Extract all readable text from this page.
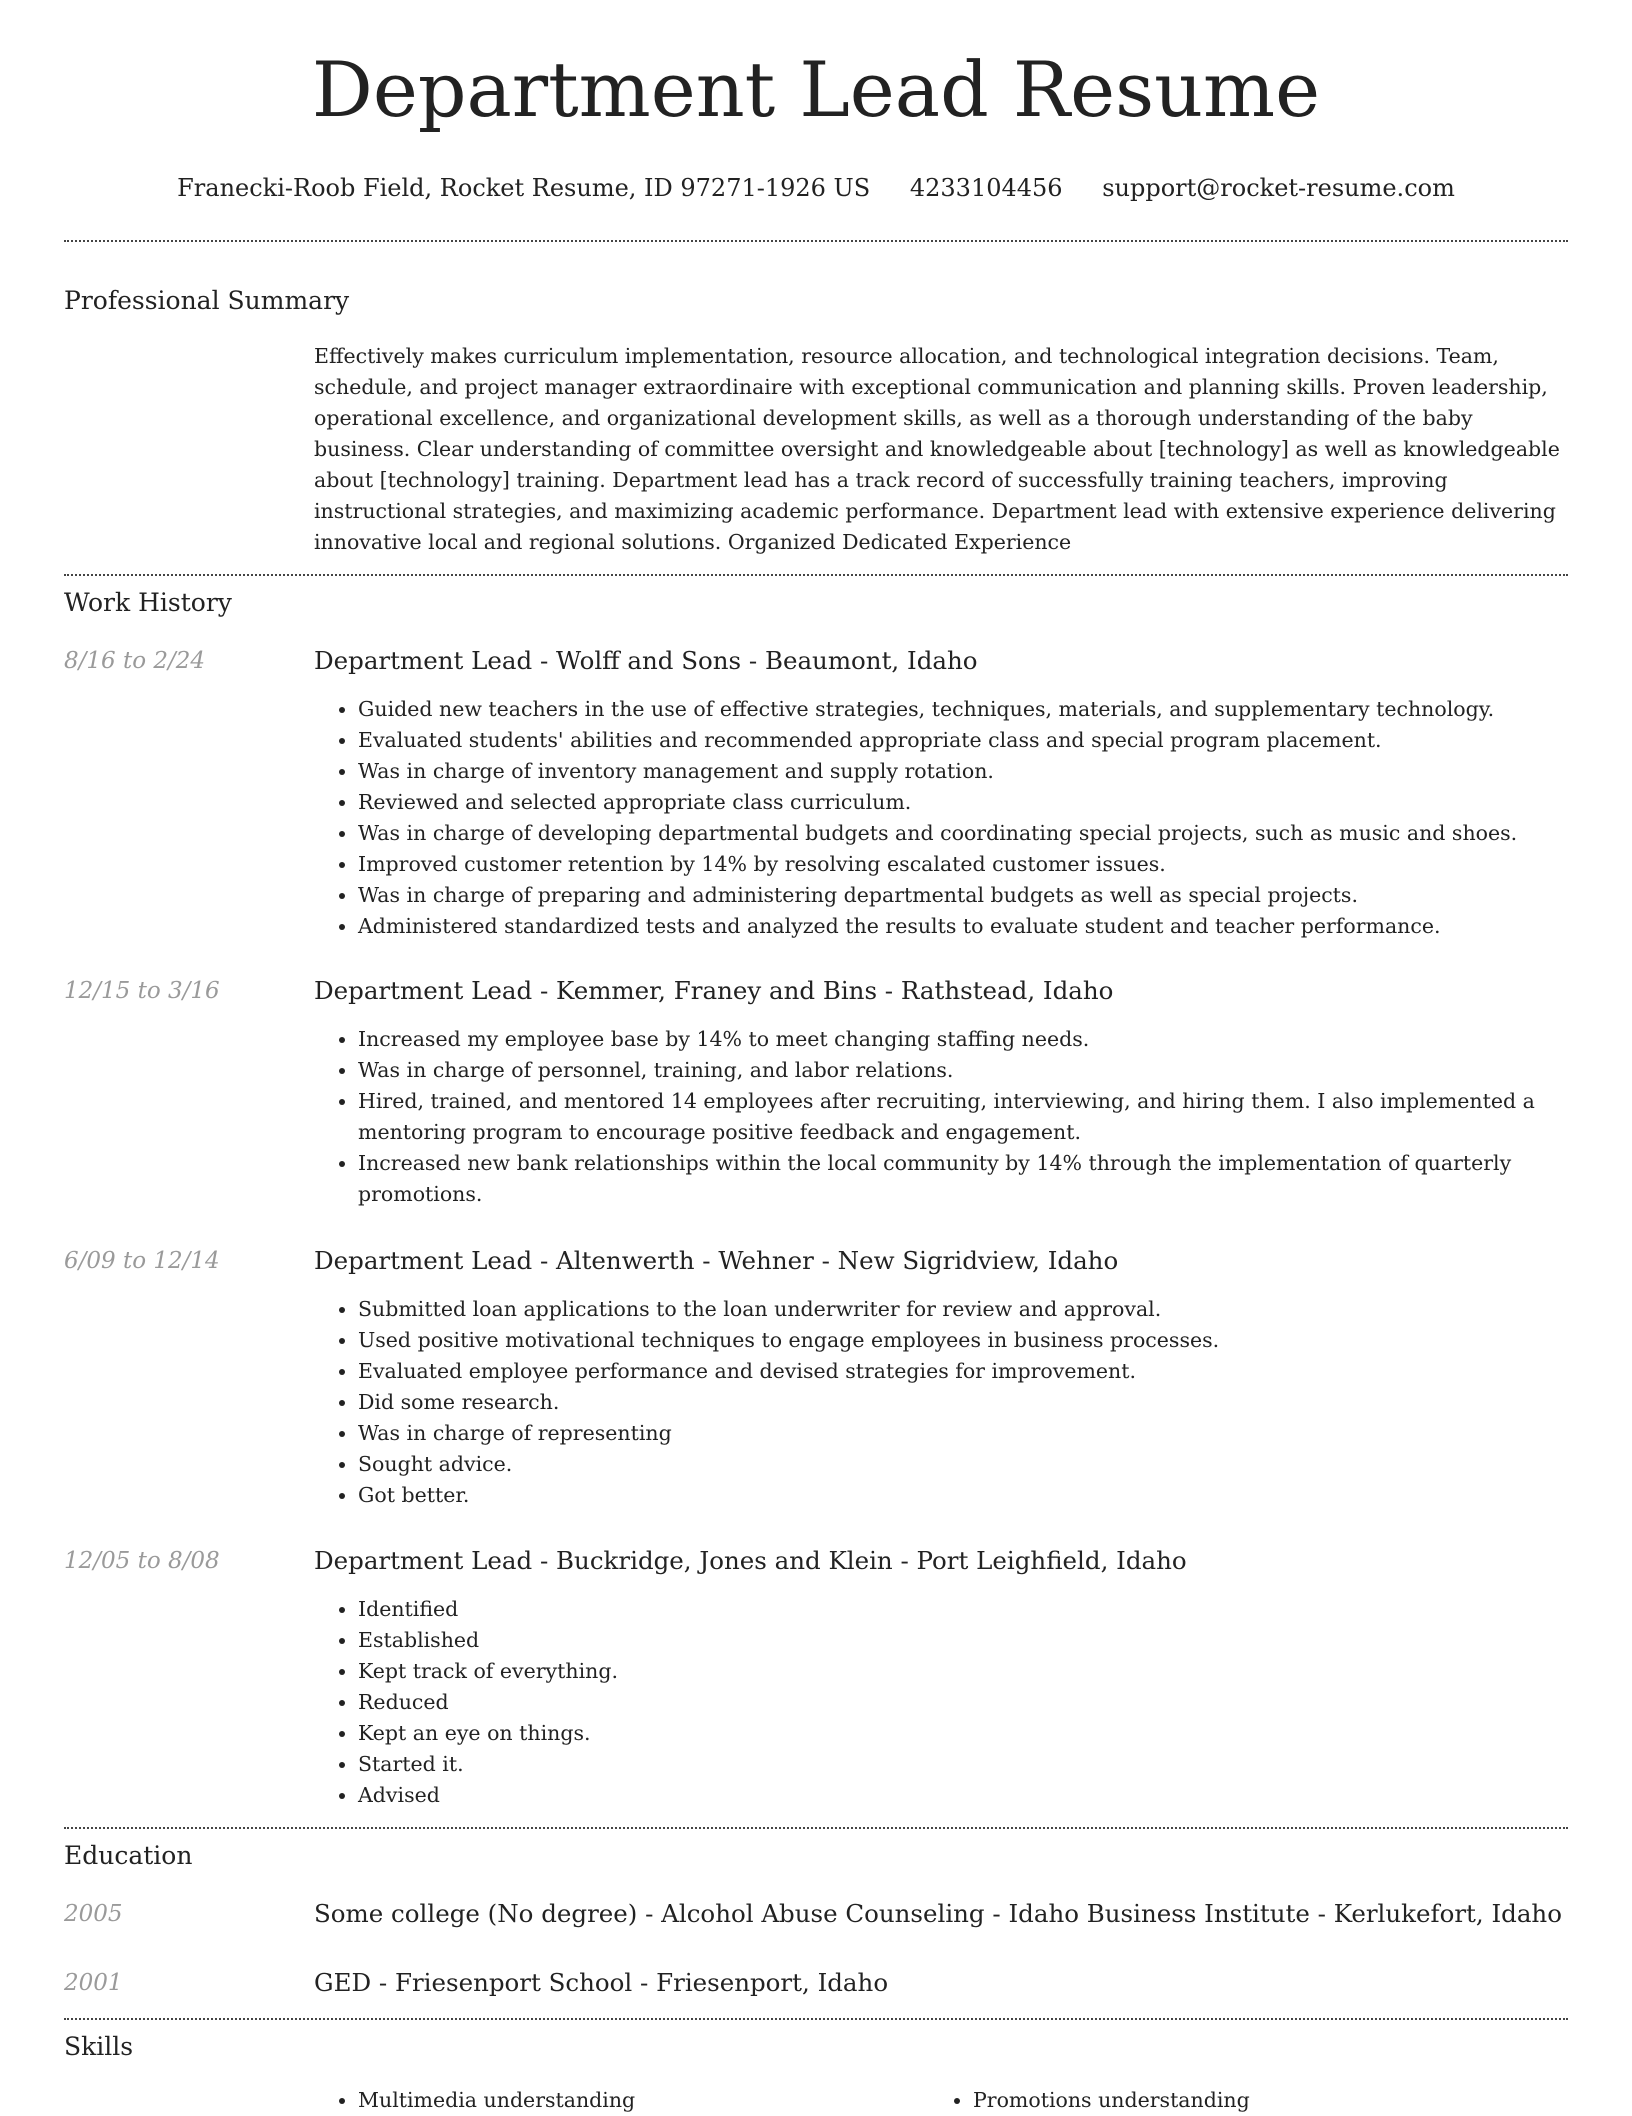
Department Lead Resume
Franecki-Roob Field, Rocket Resume, ID 97271-1926 US 4233104456 support@rocket-resume.com
Professional Summary

Effectively makes curriculum implementation, resource allocation, and technological integration decisions. Team, schedule, and project manager extraordinaire with exceptional communication and planning skills. Proven leadership, operational excellence, and organizational development skills, as well as a thorough understanding of the baby business. Clear understanding of committee oversight and knowledgeable about [technology] as well as knowledgeable about [technology] training. Department lead has a track record of successfully training teachers, improving instructional strategies, and maximizing academic performance. Department lead with extensive experience delivering innovative local and regional solutions. Organized Dedicated Experience

Work History
8/16 to 2/24	Department Lead - Wolff and Sons - Beaumont, Idaho
• Guided new teachers in the use of effective strategies, techniques, materials, and supplementary technology.
• Evaluated students' abilities and recommended appropriate class and special program placement.
• Was in charge of inventory management and supply rotation.
• Reviewed and selected appropriate class curriculum.
• Was in charge of developing departmental budgets and coordinating special projects, such as music and shoes.
• Improved customer retention by 14% by resolving escalated customer issues.
• Was in charge of preparing and administering departmental budgets as well as special projects.
• Administered standardized tests and analyzed the results to evaluate student and teacher performance.
12/15 to 3/16	Department Lead - Kemmer, Franey and Bins - Rathstead, Idaho
• Increased my employee base by 14% to meet changing staffing needs.
• Was in charge of personnel, training, and labor relations.
• Hired, trained, and mentored 14 employees after recruiting, interviewing, and hiring them. I also implemented a mentoring program to encourage positive feedback and engagement.
• Increased new bank relationships within the local community by 14% through the implementation of quarterly promotions.
6/09 to 12/14	Department Lead - Altenwerth - Wehner - New Sigridview, Idaho
• Submitted loan applications to the loan underwriter for review and approval.
• Used positive motivational techniques to engage employees in business processes.
• Evaluated employee performance and devised strategies for improvement.
• Did some research.
• Was in charge of representing
• Sought advice.
• Got better.
12/05 to 8/08	Department Lead - Buckridge, Jones and Klein - Port Leighfield, Idaho
• Identified
• Established
• Kept track of everything.
• Reduced
• Kept an eye on things.
• Started it.
• Advised
Education
2005	Some college (No degree) - Alcohol Abuse Counseling - Idaho Business Institute - Kerlukefort, Idaho
2001	GED - Friesenport School - Friesenport, Idaho
Skills
• Multimedia understanding
•	Promotions understanding
